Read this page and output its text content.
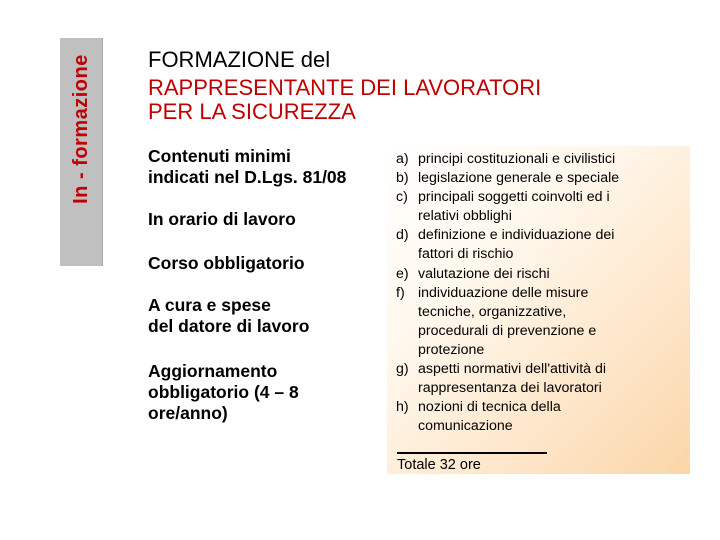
In - formazione	FORMAZIONE del
RAPPRESENTANTE DEI LAVORATORI
PER LA SICUREZZA
Contenuti minimi
indicati nel D.Lgs. 81/08
In orario di lavoro
Corso obbligatorio
A cura e spese
del datore di lavoro
Aggiornamento
obbligatorio (4 – 8
ore/anno)
a) principi costituzionali e civilistici
b) legislazione generale e speciale
c) principali soggetti coinvolti ed i
relativi obblighi
d) definizione e individuazione dei
fattori di rischio
e) valutazione dei rischi
f) individuazione delle misure
tecniche, organizzative,
procedurali di prevenzione e
protezione
g) aspetti normativi dell'attività di
rappresentanza dei lavoratori
h) nozioni di tecnica della
comunicazione
Totale 32 ore
